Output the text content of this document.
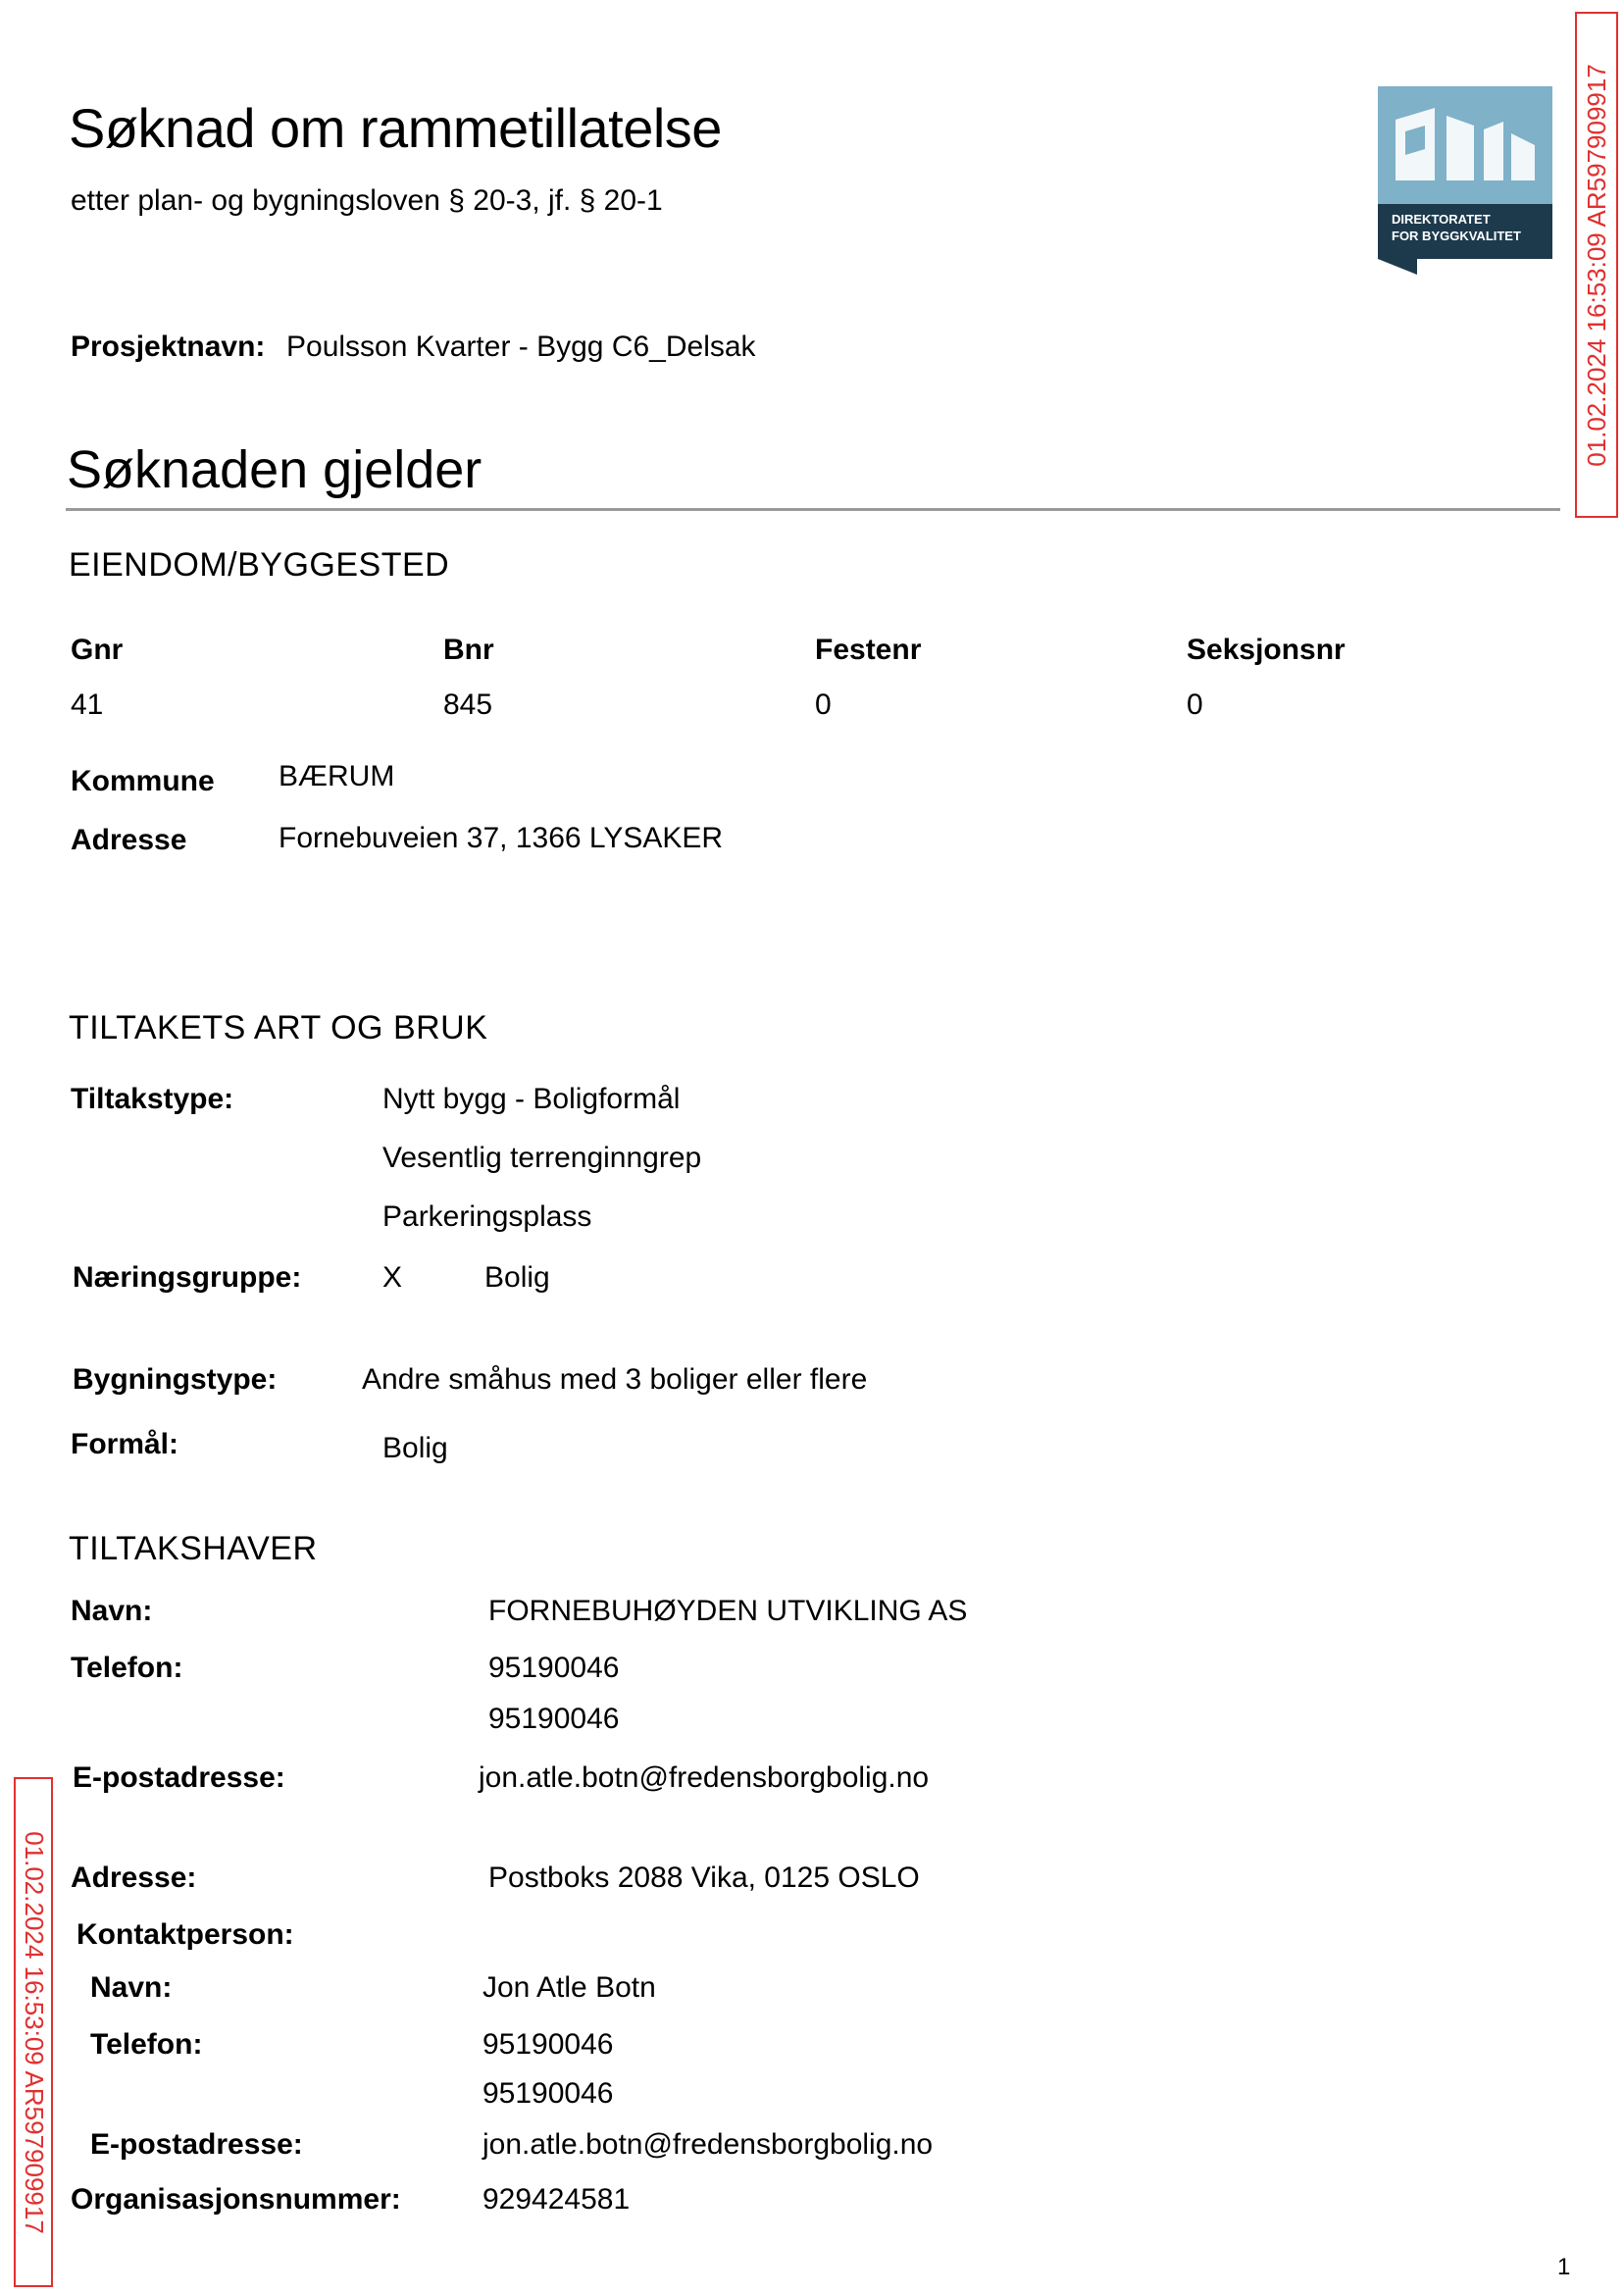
Søknad om rammetillatelse
etter plan- og bygningsloven § 20-3, jf. § 20-1
DIREKTORATET
FOR BYGGKVALITET
Prosjektnavn: Poulsson Kvarter - Bygg C6_Delsak
Søknaden gjelder
EIENDOM/BYGGESTED
Gnr	Bnr	Festenr	Seksjonsnr
41	845	0	0
Kommune BÆRUM
Adresse	Fornebuveien 37, 1366 LYSAKER
TILTAKETS ART OG BRUK
Tiltakstype:	Nytt bygg - Boligformål
Vesentlig terrenginngrep
Parkeringsplass
Næringsgruppe:	X	Bolig
Bygningstype:	Andre småhus med 3 boliger eller flere
Formål:	Bolig
TILTAKSHAVER
Navn:	FORNEBUHØYDEN UTVIKLING AS
Telefon:	95190046
95190046
E-postadresse:	jon.atle.botn@fredensborgbolig.no
Adresse:	Postboks 2088 Vika, 0125 OSLO
Kontaktperson:
Navn:	Jon Atle Botn
Telefon:	95190046
95190046
E-postadresse:	jon.atle.botn@fredensborgbolig.no
Organisasjonsnummer:	929424581
01.02.2024 16:53:09 AR597909917
01.02.2024 16:53:09 AR597909917
1
